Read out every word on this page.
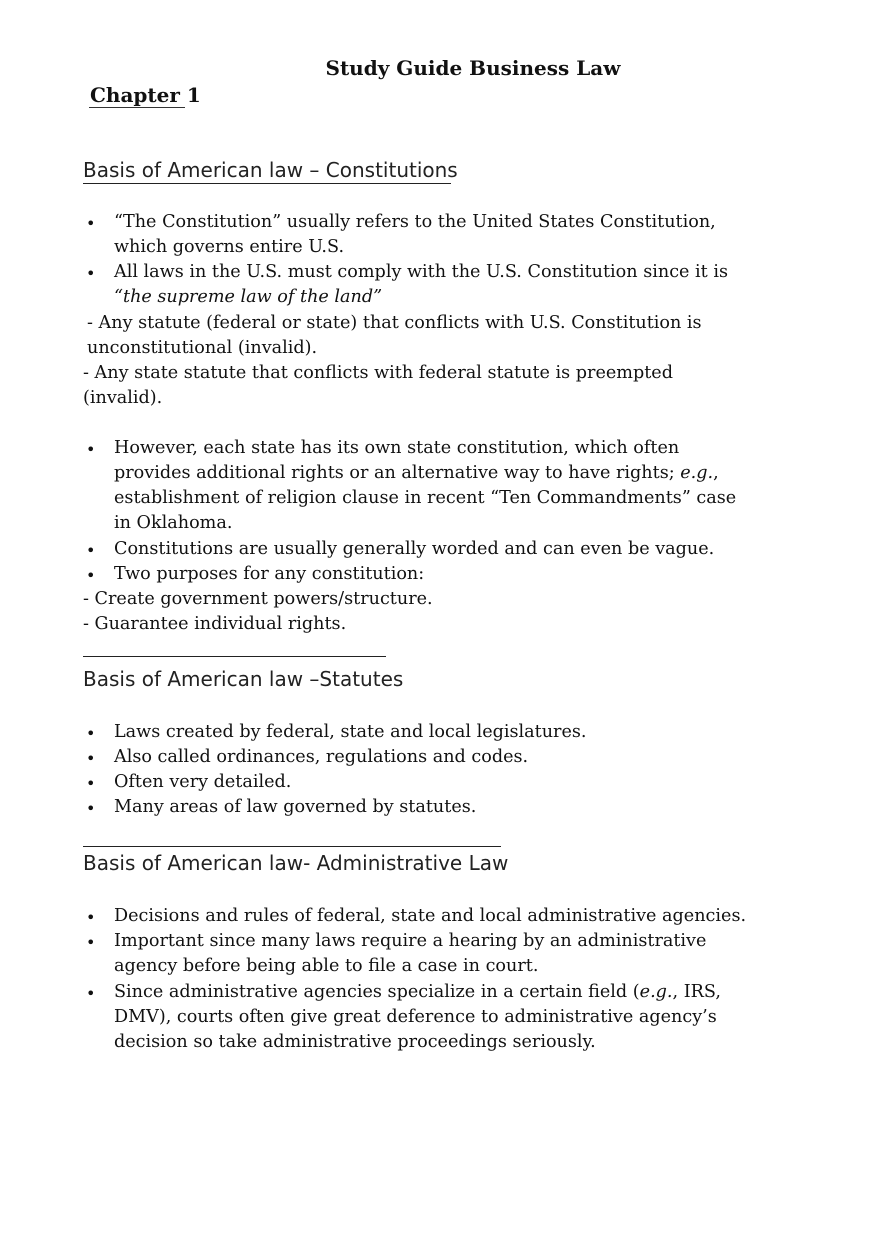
Study Guide Business Law
Chapter 1
Basis of American law – Constitutions
• “The Constitution” usually refers to the United States Constitution,
which governs entire U.S.
• All laws in the U.S. must comply with the U.S. Constitution since it is
“the supreme law of the land”
- Any statute (federal or state) that conflicts with U.S. Constitution is
unconstitutional (invalid).
- Any state statute that conflicts with federal statute is preempted
(invalid).
• However, each state has its own state constitution, which often
provides additional rights or an alternative way to have rights; e.g.,
establishment of religion clause in recent “Ten Commandments” case
in Oklahoma.
• Constitutions are usually generally worded and can even be vague.
• Two purposes for any constitution:
- Create government powers/structure.
- Guarantee individual rights.
Basis of American law –Statutes
• Laws created by federal, state and local legislatures.
• Also called ordinances, regulations and codes.
• Often very detailed.
• Many areas of law governed by statutes.
Basis of American law- Administrative Law
• Decisions and rules of federal, state and local administrative agencies.
• Important since many laws require a hearing by an administrative
agency before being able to file a case in court.
• Since administrative agencies specialize in a certain field (e.g., IRS,
DMV), courts often give great deference to administrative agency’s
decision so take administrative proceedings seriously.
